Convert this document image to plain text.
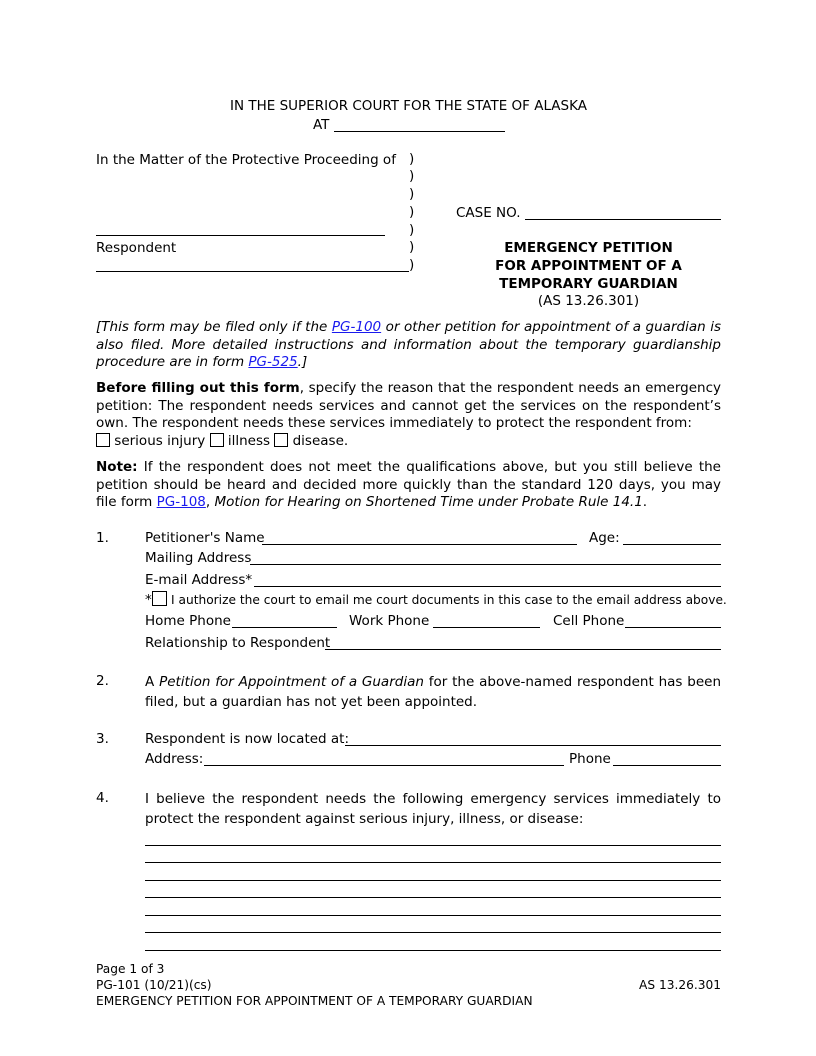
IN THE SUPERIOR COURT FOR THE STATE OF ALASKA
AT
In the Matter of the Protective Proceeding of
Respondent
)
)
)
)
)
)
)
CASE NO.
EMERGENCY PETITION
FOR APPOINTMENT OF A
TEMPORARY GUARDIAN
(AS 13.26.301)
[This form may be filed only if the PG-100 or other petition for appointment of a guardian is also filed. More detailed instructions and information about the temporary guardianship procedure are in form PG-525.]
Before filling out this form, specify the reason that the respondent needs an emergency petition: The respondent needs services and cannot get the services on the respondent’s own. The respondent needs these services immediately to protect the respondent from:
serious injury illness disease.
Note: If the respondent does not meet the qualifications above, but you still believe the petition should be heard and decided more quickly than the standard 120 days, you may file form PG-108, Motion for Hearing on Shortened Time under Probate Rule 14.1.
1.	Petitioner's Name	Age:
Mailing Address
E-mail Address*
* I authorize the court to email me court documents in this case to the email address above.
Home Phone	Work Phone	Cell Phone
Relationship to Respondent
2.	A Petition for Appointment of a Guardian for the above-named respondent has been filed, but a guardian has not yet been appointed.
3.	Respondent is now located at:
Address:	Phone
4.	I believe the respondent needs the following emergency services immediately to protect the respondent against serious injury, illness, or disease:
Page 1 of 3
PG-101 (10/21)(cs)	AS 13.26.301
EMERGENCY PETITION FOR APPOINTMENT OF A TEMPORARY GUARDIAN
